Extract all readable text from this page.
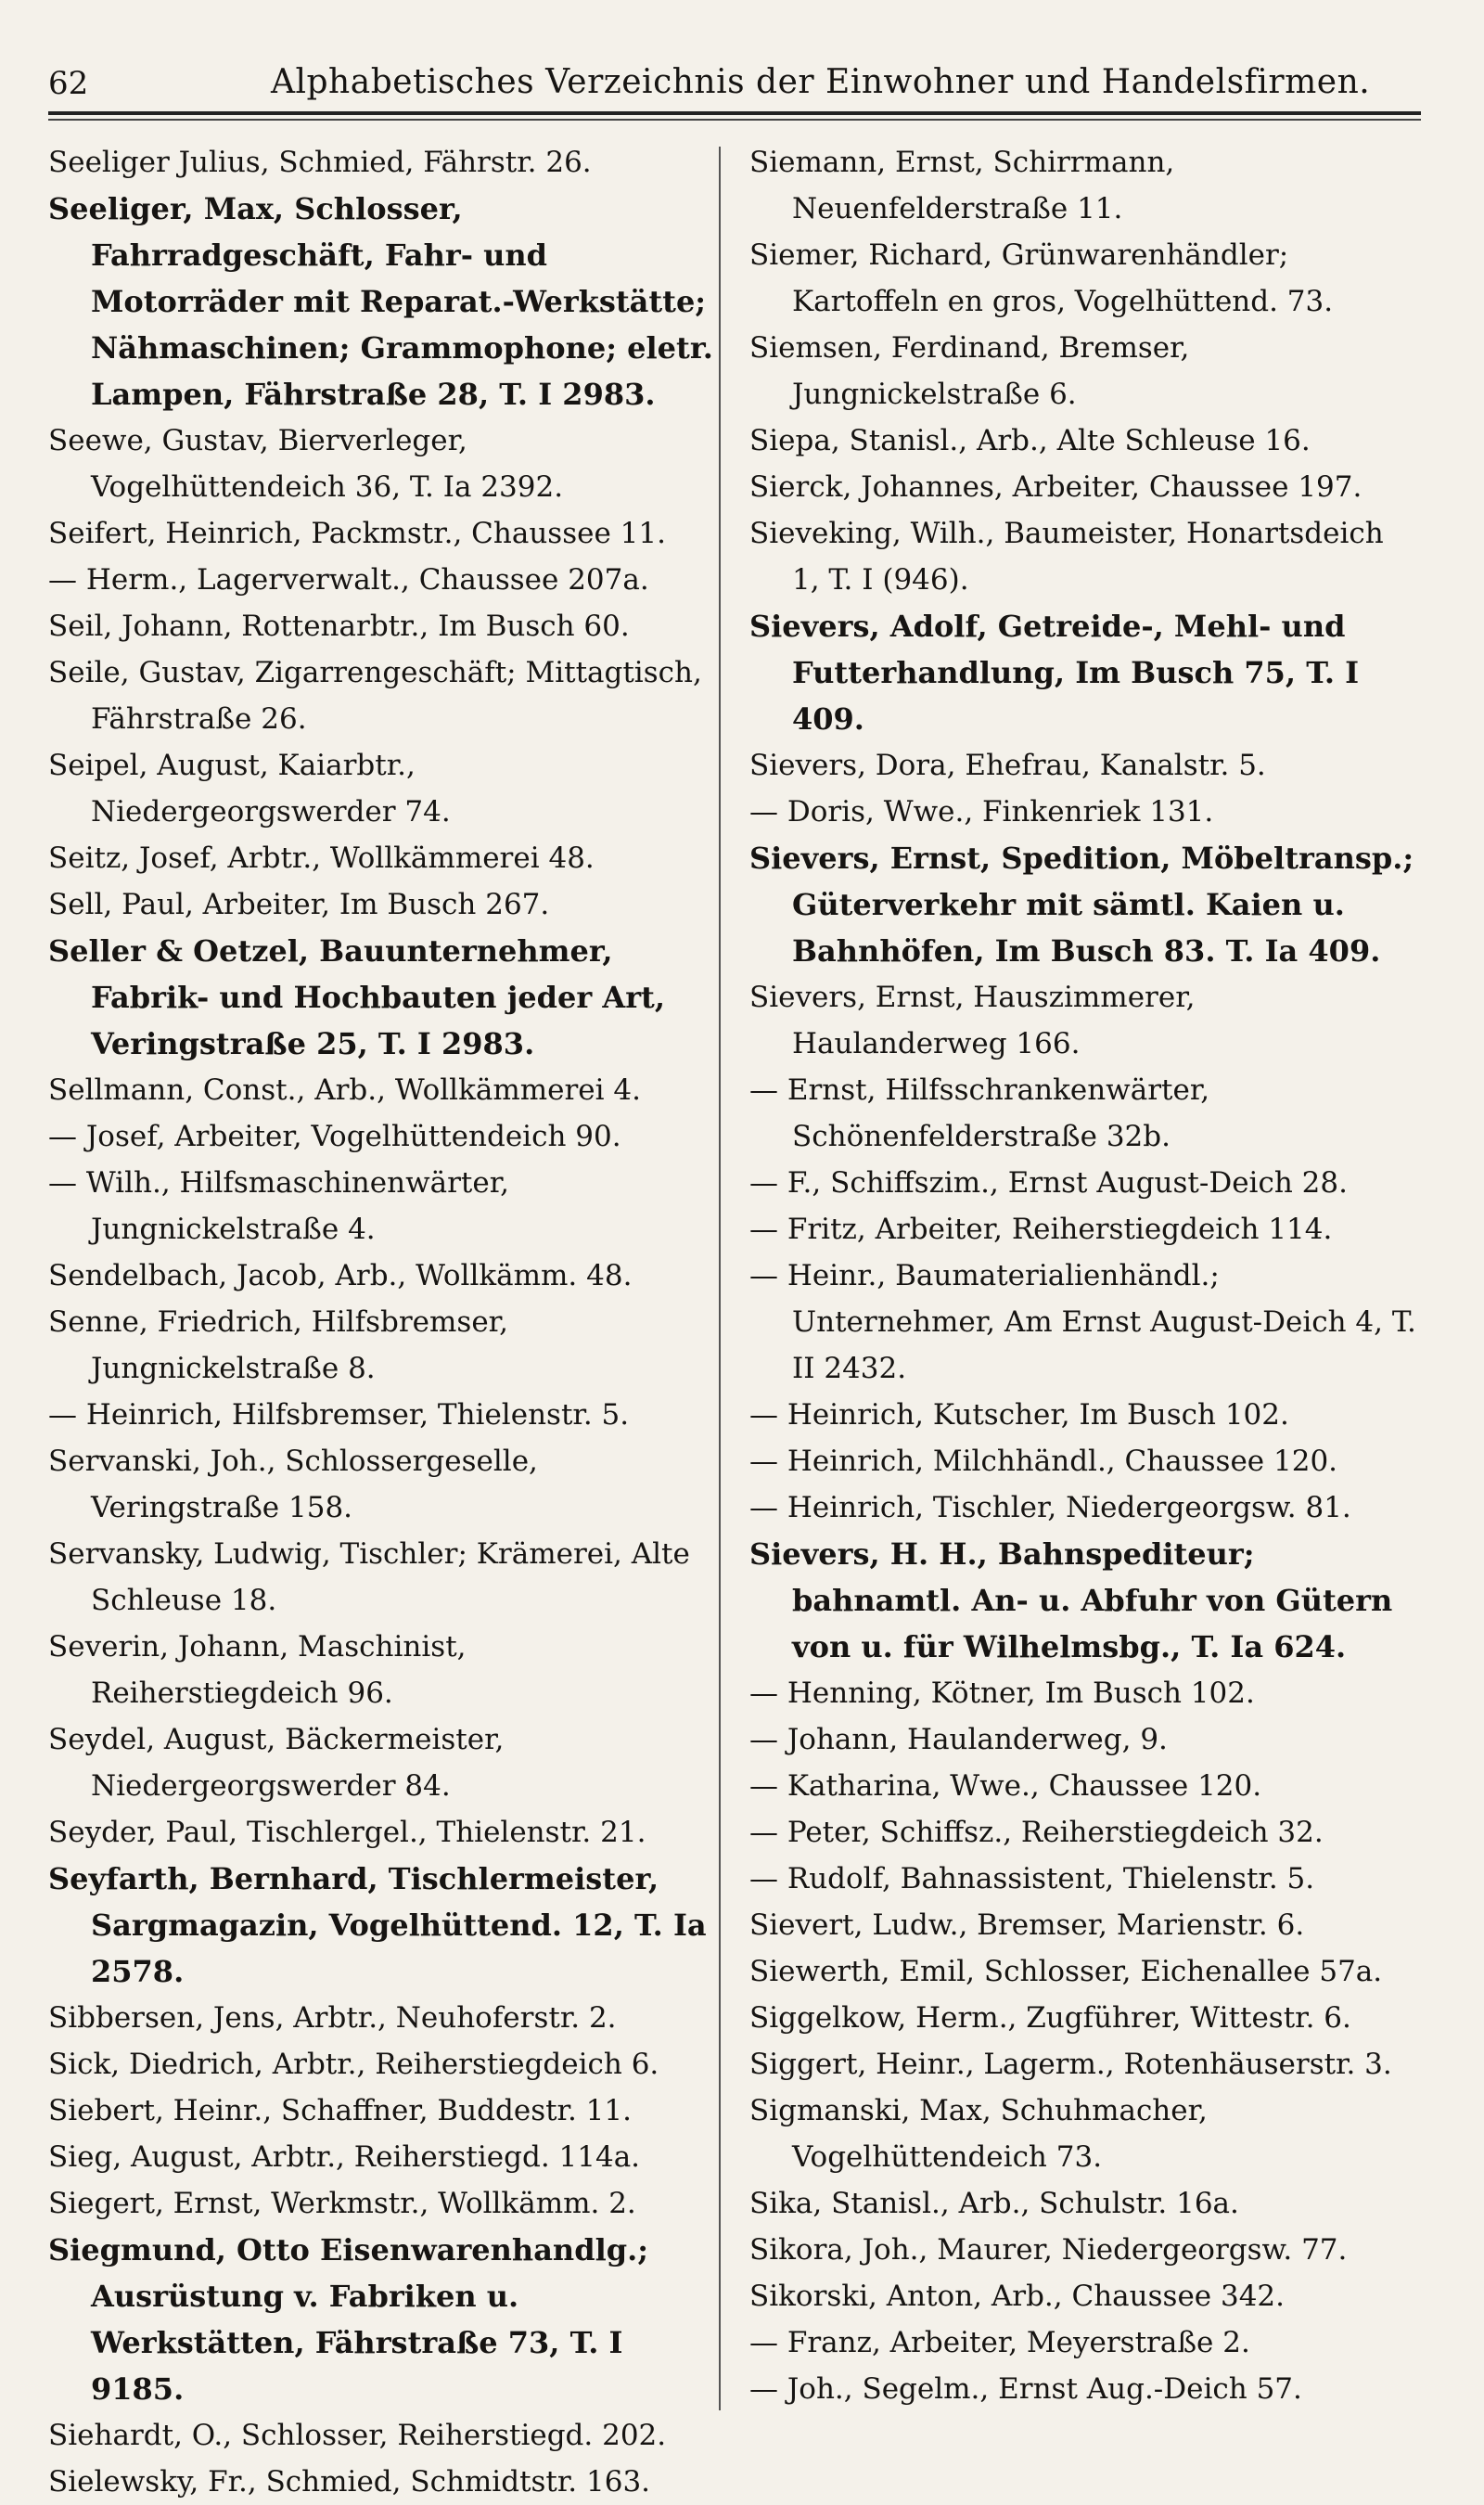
62	Alphabetisches Verzeichnis der Einwohner und Handelsfirmen.

Seeliger Julius, Schmied, Fährstr. 26.

Seeliger, Max, Schlosser, Fahrradgeschäft, Fahr- und Motorräder mit Reparat.-Werkstätte; Nähmaschinen; Grammophone; eletr. Lampen, Fährstraße 28, T. I 2983.

Seewe, Gustav, Bierverleger, Vogelhüttendeich 36, T. Ia 2392.

Seifert, Heinrich, Packmstr., Chaussee 11.

— Herm., Lagerverwalt., Chaussee 207a.

Seil, Johann, Rottenarbtr., Im Busch 60.

Seile, Gustav, Zigarrengeschäft; Mittagtisch, Fährstraße 26.

Seipel, August, Kaiarbtr., Niedergeorgswerder 74.

Seitz, Josef, Arbtr., Wollkämmerei 48.

Sell, Paul, Arbeiter, Im Busch 267.

Seller & Oetzel, Bauunternehmer, Fabrik- und Hochbauten jeder Art, Veringstraße 25, T. I 2983.

Sellmann, Const., Arb., Wollkämmerei 4.

— Josef, Arbeiter, Vogelhüttendeich 90.

— Wilh., Hilfsmaschinenwärter, Jungnickelstraße 4.

Sendelbach, Jacob, Arb., Wollkämm. 48.

Senne, Friedrich, Hilfsbremser, Jungnickelstraße 8.

— Heinrich, Hilfsbremser, Thielenstr. 5.

Servanski, Joh., Schlossergeselle, Veringstraße 158.

Servansky, Ludwig, Tischler; Krämerei, Alte Schleuse 18.

Severin, Johann, Maschinist, Reiherstiegdeich 96.

Seydel, August, Bäckermeister, Niedergeorgswerder 84.

Seyder, Paul, Tischlergel., Thielenstr. 21.

Seyfarth, Bernhard, Tischlermeister, Sargmagazin, Vogelhüttend. 12, T. Ia 2578.

Sibbersen, Jens, Arbtr., Neuhoferstr. 2.

Sick, Diedrich, Arbtr., Reiherstiegdeich 6.

Siebert, Heinr., Schaffner, Buddestr. 11.

Sieg, August, Arbtr., Reiherstiegd. 114a.

Siegert, Ernst, Werkmstr., Wollkämm. 2.

Siegmund, Otto Eisenwarenhandlg.; Ausrüstung v. Fabriken u. Werkstätten, Fährstraße 73, T. I 9185.

Siehardt, O., Schlosser, Reiherstiegd. 202.

Sielewsky, Fr., Schmied, Schmidtstr. 163.

Siemann, Ernst, Schirrmann, Neuenfelderstraße 11.

Siemer, Richard, Grünwarenhändler; Kartoffeln en gros, Vogelhüttend. 73.

Siemsen, Ferdinand, Bremser, Jungnickelstraße 6.

Siepa, Stanisl., Arb., Alte Schleuse 16.

Sierck, Johannes, Arbeiter, Chaussee 197.

Sieveking, Wilh., Baumeister, Honartsdeich 1, T. I (946).

Sievers, Adolf, Getreide-, Mehl- und Futterhandlung, Im Busch 75, T. I 409.

Sievers, Dora, Ehefrau, Kanalstr. 5.

— Doris, Wwe., Finkenriek 131.

Sievers, Ernst, Spedition, Möbeltransp.; Güterverkehr mit sämtl. Kaien u. Bahnhöfen, Im Busch 83. T. Ia 409.

Sievers, Ernst, Hauszimmerer, Haulanderweg 166.

— Ernst, Hilfsschrankenwärter, Schönenfelderstraße 32b.

— F., Schiffszim., Ernst August-Deich 28.

— Fritz, Arbeiter, Reiherstiegdeich 114.

— Heinr., Baumaterialienhändl.; Unternehmer, Am Ernst August-Deich 4, T. II 2432.

— Heinrich, Kutscher, Im Busch 102.

— Heinrich, Milchhändl., Chaussee 120.

— Heinrich, Tischler, Niedergeorgsw. 81.

Sievers, H. H., Bahnspediteur; bahnamtl. An- u. Abfuhr von Gütern von u. für Wilhelmsbg., T. Ia 624.

— Henning, Kötner, Im Busch 102.

— Johann, Haulanderweg, 9.

— Katharina, Wwe., Chaussee 120.

— Peter, Schiffsz., Reiherstiegdeich 32.

— Rudolf, Bahnassistent, Thielenstr. 5.

Sievert, Ludw., Bremser, Marienstr. 6.

Siewerth, Emil, Schlosser, Eichenallee 57a.

Siggelkow, Herm., Zugführer, Wittestr. 6.

Siggert, Heinr., Lagerm., Rotenhäuserstr. 3.

Sigmanski, Max, Schuhmacher, Vogelhüttendeich 73.

Sika, Stanisl., Arb., Schulstr. 16a.

Sikora, Joh., Maurer, Niedergeorgsw. 77.

Sikorski, Anton, Arb., Chaussee 342.

— Franz, Arbeiter, Meyerstraße 2.

— Joh., Segelm., Ernst Aug.-Deich 57.
